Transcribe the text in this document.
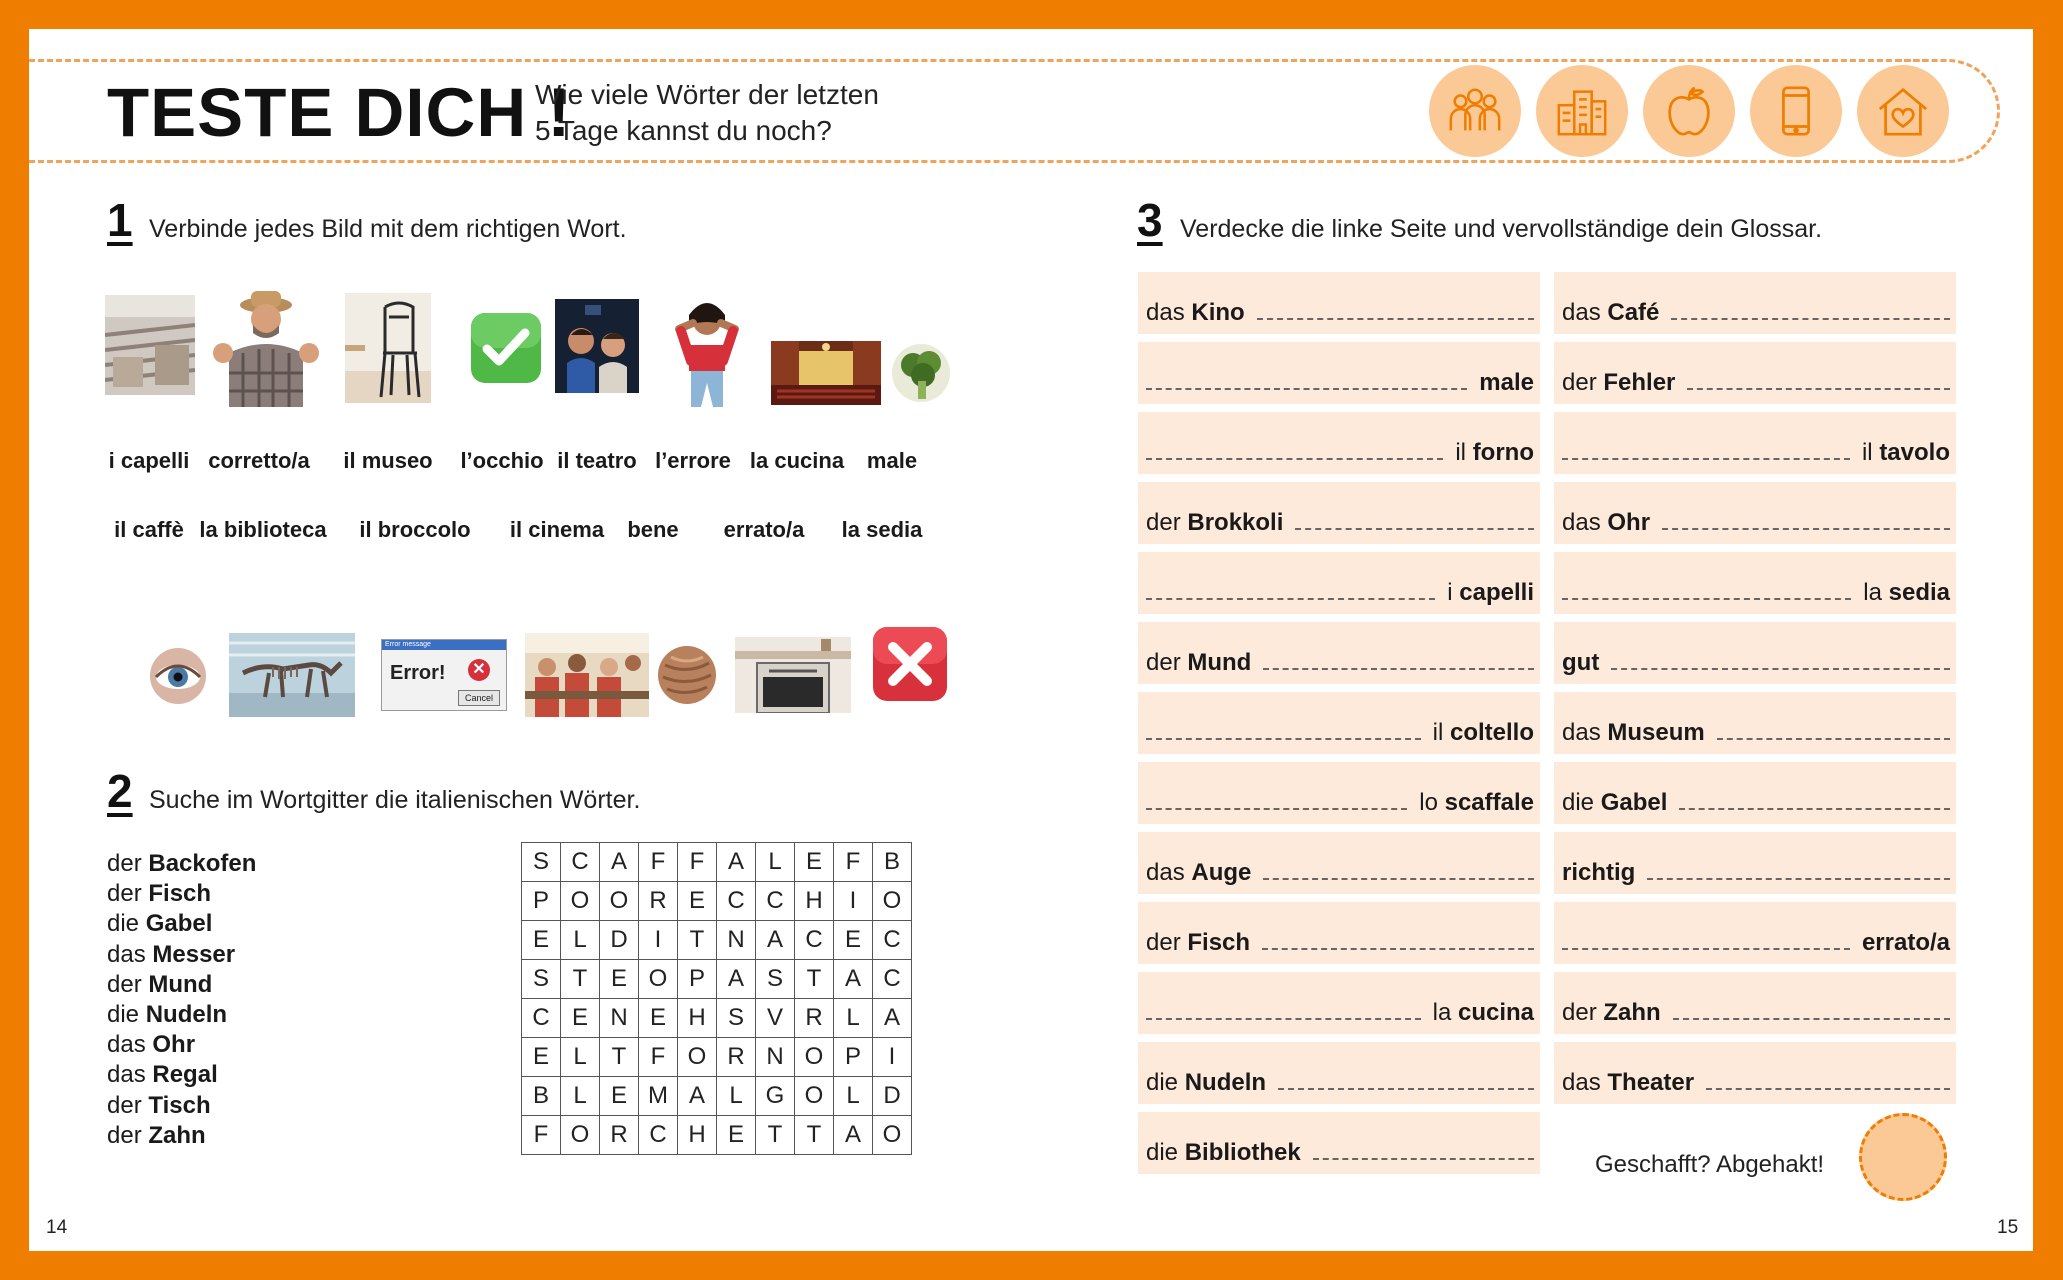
TESTE DICH !
Wie viele Wörter der letzten
5 Tage kannst du noch?
1 Verbinde jedes Bild mit dem richtigen Wort.
i capelli corretto/a il museo l’occhio il teatro l’errore la cucina male
il caffè la biblioteca il broccolo il cinema bene errato/a la sedia
Error message
Error! ✕
Cancel
2 Suche im Wortgitter die italienischen Wörter.
der Backofen
der Fisch
die Gabel
das Messer
der Mund
die Nudeln
das Ohr
das Regal
der Tisch
der Zahn
S	C	A	F	F	A	L	E	F	B
P	O	O	R	E	C	C	H	I	O
E	L	D	I	T	N	A	C	E	C
S	T	E	O	P	A	S	T	A	C
C	E	N	E	H	S	V	R	L	A
E	L	T	F	O	R	N	O	P	I
B	L	E	M	A	L	G	O	L	D
F	O	R	C	H	E	T	T	A	O
3 Verdecke die linke Seite und vervollständige dein Glossar.
das Kino
male
il forno
der Brokkoli
i capelli
der Mund
il coltello
lo scaffale
das Auge
der Fisch
la cucina
die Nudeln
die Bibliothek
das Café
der Fehler
il tavolo
das Ohr
la sedia
gut
das Museum
die Gabel
richtig
errato/a
der Zahn
das Theater
Geschafft? Abgehakt!
14	15
